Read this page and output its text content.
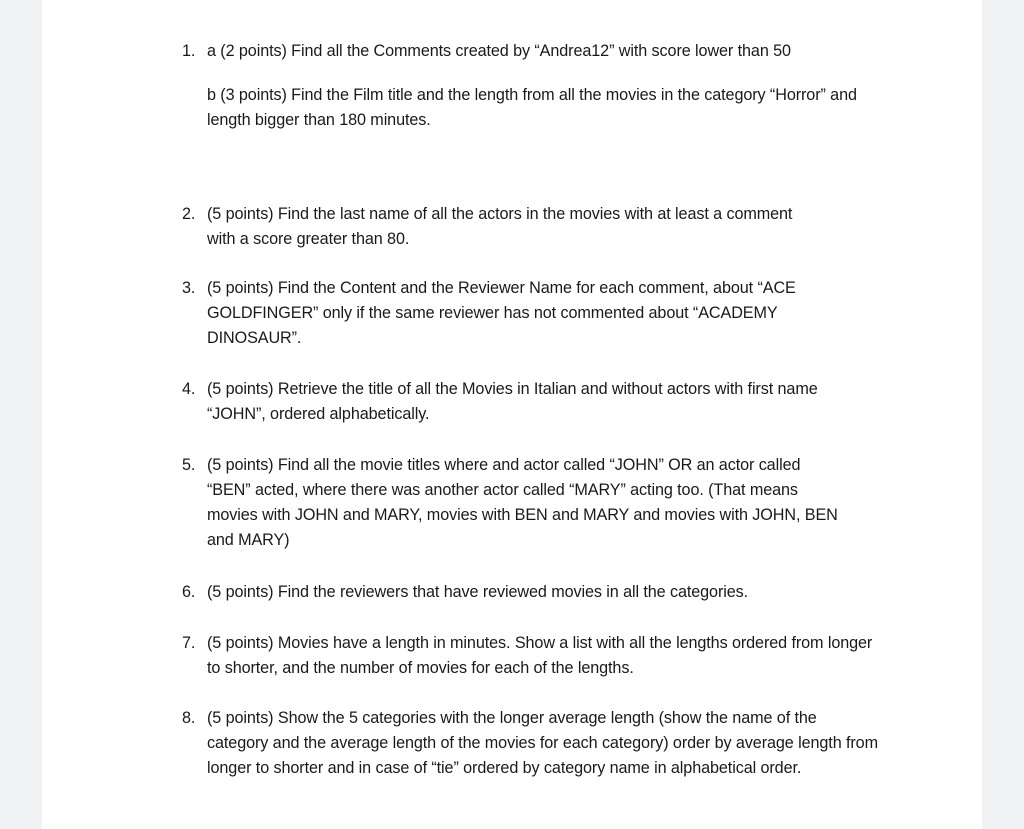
1. a (2 points) Find all the Comments created by “Andrea12” with score lower than 50

b (3 points) Find the Film title and the length from all the movies in the category “Horror” and length bigger than 180 minutes.

2. (5 points) Find the last name of all the actors in the movies with at least a comment with a score greater than 80.

3. (5 points) Find the Content and the Reviewer Name for each comment, about “ACE GOLDFINGER” only if the same reviewer has not commented about “ACADEMY DINOSAUR”.

4. (5 points) Retrieve the title of all the Movies in Italian and without actors with first name “JOHN”, ordered alphabetically.

5. (5 points) Find all the movie titles where and actor called “JOHN” OR an actor called “BEN” acted, where there was another actor called “MARY” acting too. (That means movies with JOHN and MARY, movies with BEN and MARY and movies with JOHN, BEN and MARY)

6. (5 points) Find the reviewers that have reviewed movies in all the categories.

7. (5 points) Movies have a length in minutes. Show a list with all the lengths ordered from longer to shorter, and the number of movies for each of the lengths.

8. (5 points) Show the 5 categories with the longer average length (show the name of the category and the average length of the movies for each category) order by average length from longer to shorter and in case of “tie” ordered by category name in alphabetical order.
